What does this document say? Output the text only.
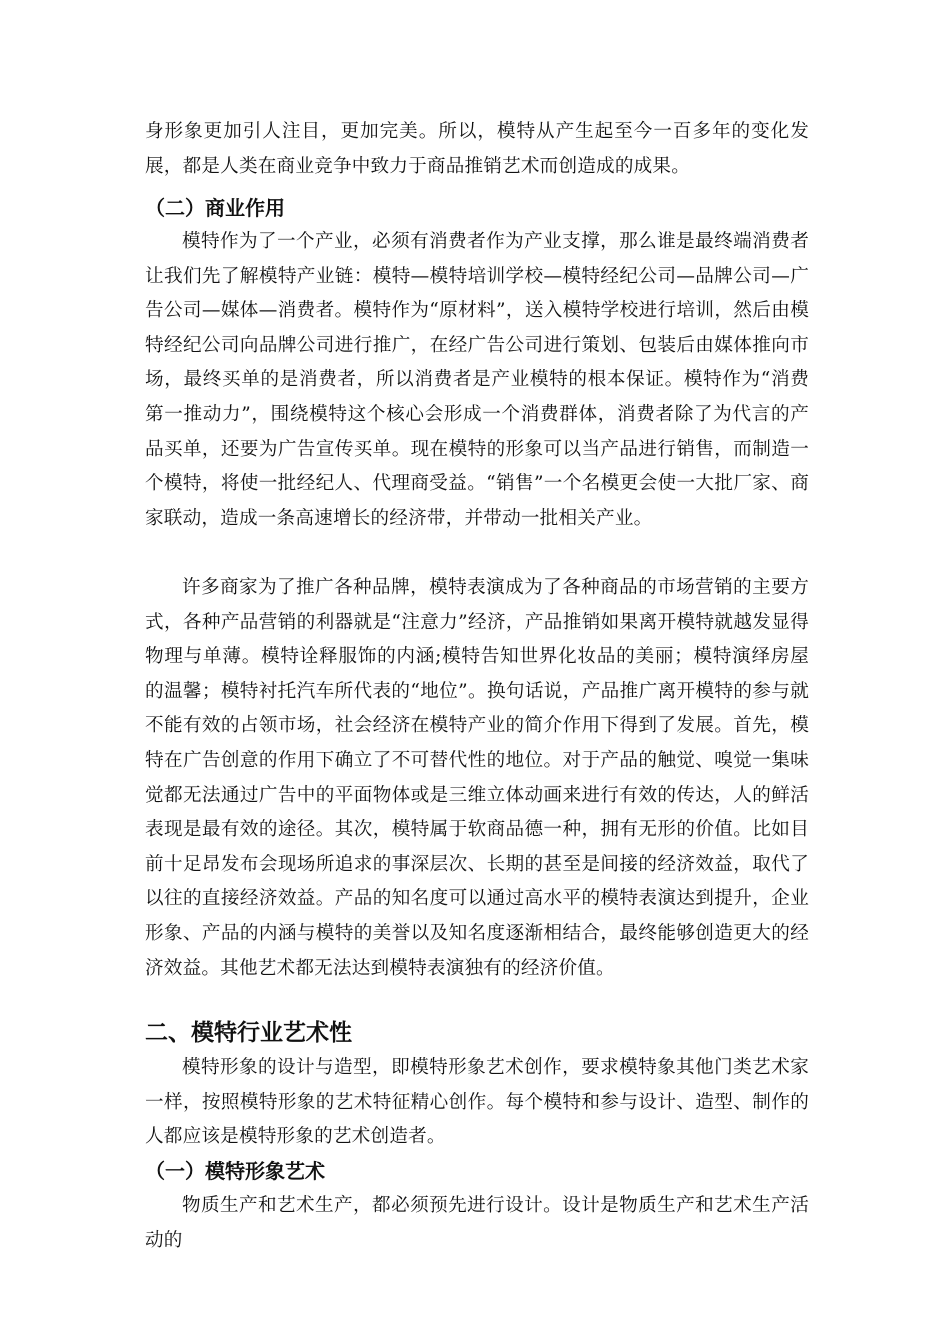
身形象更加引人注目，更加完美。所以，模特从产生起至今一百多年的变化发展，都是人类在商业竞争中致力于商品推销艺术而创造成的成果。

（二）商业作用

模特作为了一个产业，必须有消费者作为产业支撑，那么谁是最终端消费者让我们先了解模特产业链：模特—模特培训学校—模特经纪公司—品牌公司—广告公司—媒体—消费者。模特作为“原材料”，送入模特学校进行培训，然后由模特经纪公司向品牌公司进行推广，在经广告公司进行策划、包装后由媒体推向市场，最终买单的是消费者，所以消费者是产业模特的根本保证。模特作为“消费第一推动力”，围绕模特这个核心会形成一个消费群体，消费者除了为代言的产品买单，还要为广告宣传买单。现在模特的形象可以当产品进行销售，而制造一个模特，将使一批经纪人、代理商受益。“销售”一个名模更会使一大批厂家、商家联动，造成一条高速增长的经济带，并带动一批相关产业。

许多商家为了推广各种品牌，模特表演成为了各种商品的市场营销的主要方式，各种产品营销的利器就是“注意力”经济，产品推销如果离开模特就越发显得物理与单薄。模特诠释服饰的内涵;模特告知世界化妆品的美丽；模特演绎房屋的温馨；模特衬托汽车所代表的“地位”。换句话说，产品推广离开模特的参与就不能有效的占领市场，社会经济在模特产业的简介作用下得到了发展。首先，模特在广告创意的作用下确立了不可替代性的地位。对于产品的触觉、嗅觉一集味觉都无法通过广告中的平面物体或是三维立体动画来进行有效的传达，人的鲜活表现是最有效的途径。其次，模特属于软商品德一种，拥有无形的价值。比如目前十足昂发布会现场所追求的事深层次、长期的甚至是间接的经济效益，取代了以往的直接经济效益。产品的知名度可以通过高水平的模特表演达到提升，企业形象、产品的内涵与模特的美誉以及知名度逐渐相结合，最终能够创造更大的经济效益。其他艺术都无法达到模特表演独有的经济价值。

二、模特行业艺术性

模特形象的设计与造型，即模特形象艺术创作，要求模特象其他门类艺术家一样，按照模特形象的艺术特征精心创作。每个模特和参与设计、造型、制作的人都应该是模特形象的艺术创造者。

（一）模特形象艺术

物质生产和艺术生产，都必须预先进行设计。设计是物质生产和艺术生产活动的
